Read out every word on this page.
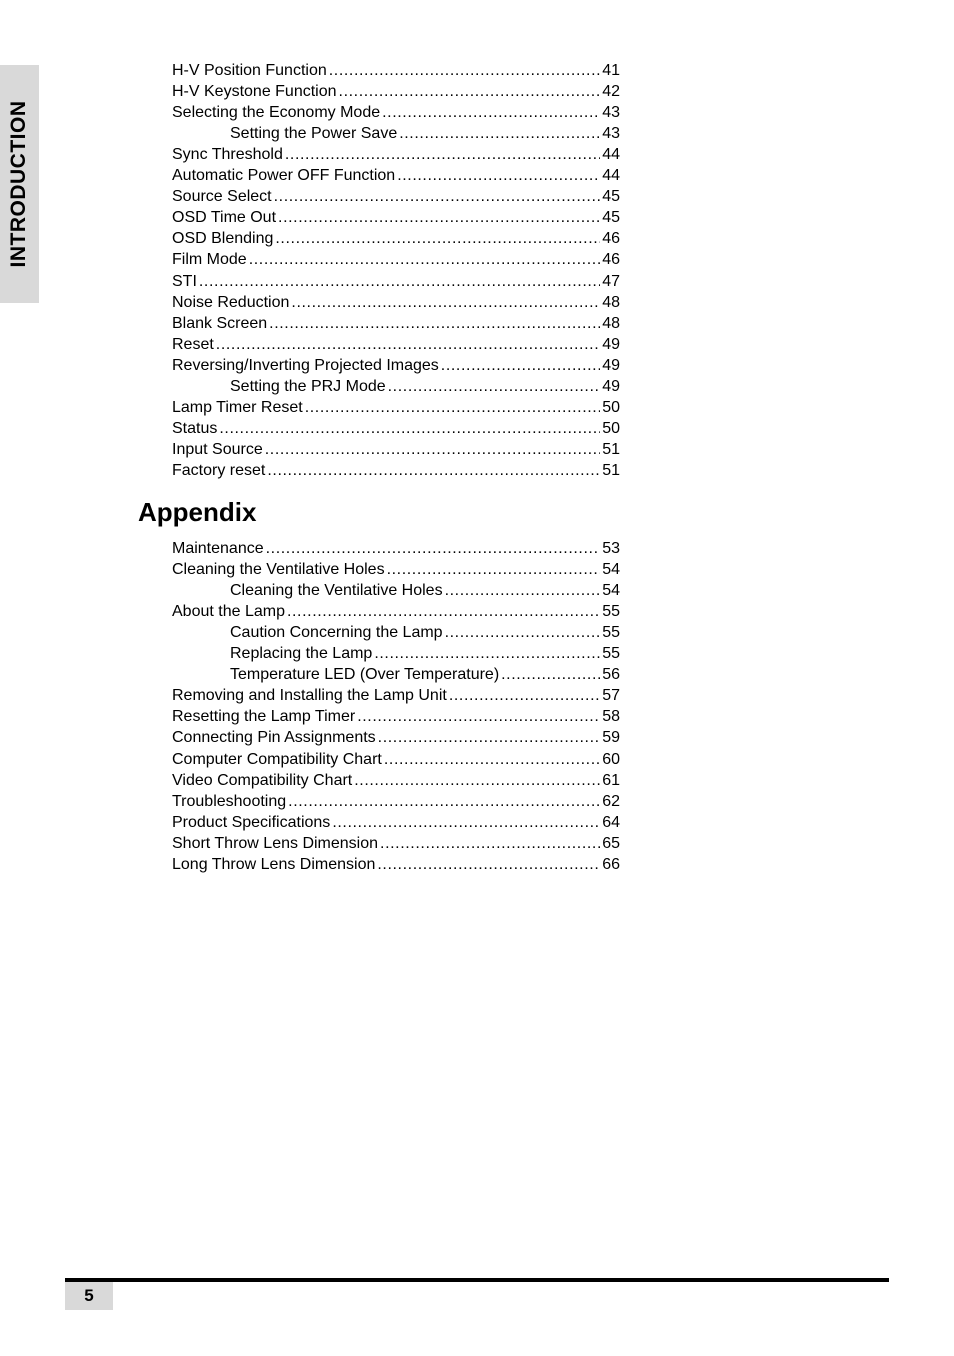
INTRODUCTION
H-V Position Function .....	41
H-V Keystone Function .....	42
Selecting the Economy Mode .....	43
Setting the Power Save .....	43
Sync Threshold .....	44
Automatic Power OFF Function .....	44
Source Select .....	45
OSD Time Out .....	45
OSD Blending .....	46
Film Mode .....	46
STI .....	47
Noise Reduction .....	48
Blank Screen .....	48
Reset .....	49
Reversing/Inverting Projected Images .....	49
Setting the PRJ Mode .....	49
Lamp Timer Reset .....	50
Status .....	50
Input Source .....	51
Factory reset .....	51
Appendix
Maintenance .....	53
Cleaning the Ventilative Holes .....	54
Cleaning the Ventilative Holes .....	54
About the Lamp .....	55
Caution Concerning the Lamp .....	55
Replacing the Lamp .....	55
Temperature LED (Over Temperature) .....	56
Removing and Installing the Lamp Unit .....	57
Resetting the Lamp Timer .....	58
Connecting Pin Assignments .....	59
Computer Compatibility Chart .....	60
Video Compatibility Chart .....	61
Troubleshooting .....	62
Product Specifications .....	64
Short Throw Lens Dimension .....	65
Long Throw Lens Dimension .....	66
5
